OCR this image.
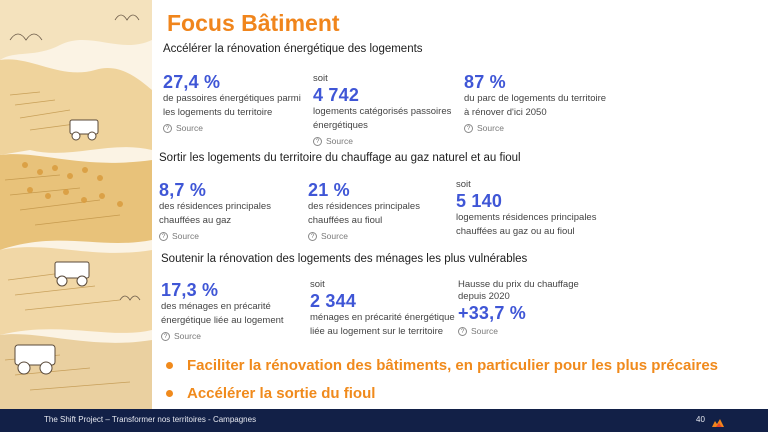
Focus Bâtiment
Accélérer la rénovation énergétique des logements
27,4 %
de passoires énergétiques parmi les logements du territoire
? Source
soit
4 742
logements catégorisés passoires énergétiques
? Source
87 %
du parc de logements du territoire à rénover d'ici 2050
? Source
Sortir les logements du territoire du chauffage au gaz naturel et au fioul
8,7 %
des résidences principales chauffées au gaz
? Source
21 %
des résidences principales chauffées au fioul
? Source
soit
5 140
logements résidences principales chauffées au gaz ou au fioul
Soutenir la rénovation des logements des ménages les plus vulnérables
17,3 %
des ménages en précarité énergétique liée au logement
? Source
soit
2 344
ménages en précarité énergétique liée au logement sur le territoire
Hausse du prix du chauffage depuis 2020
+33,7 %
? Source
Faciliter la rénovation des bâtiments, en particulier pour les plus précaires
Accélérer la sortie du fioul
The Shift Project – Transformer nos territoires - Campagnes	40
